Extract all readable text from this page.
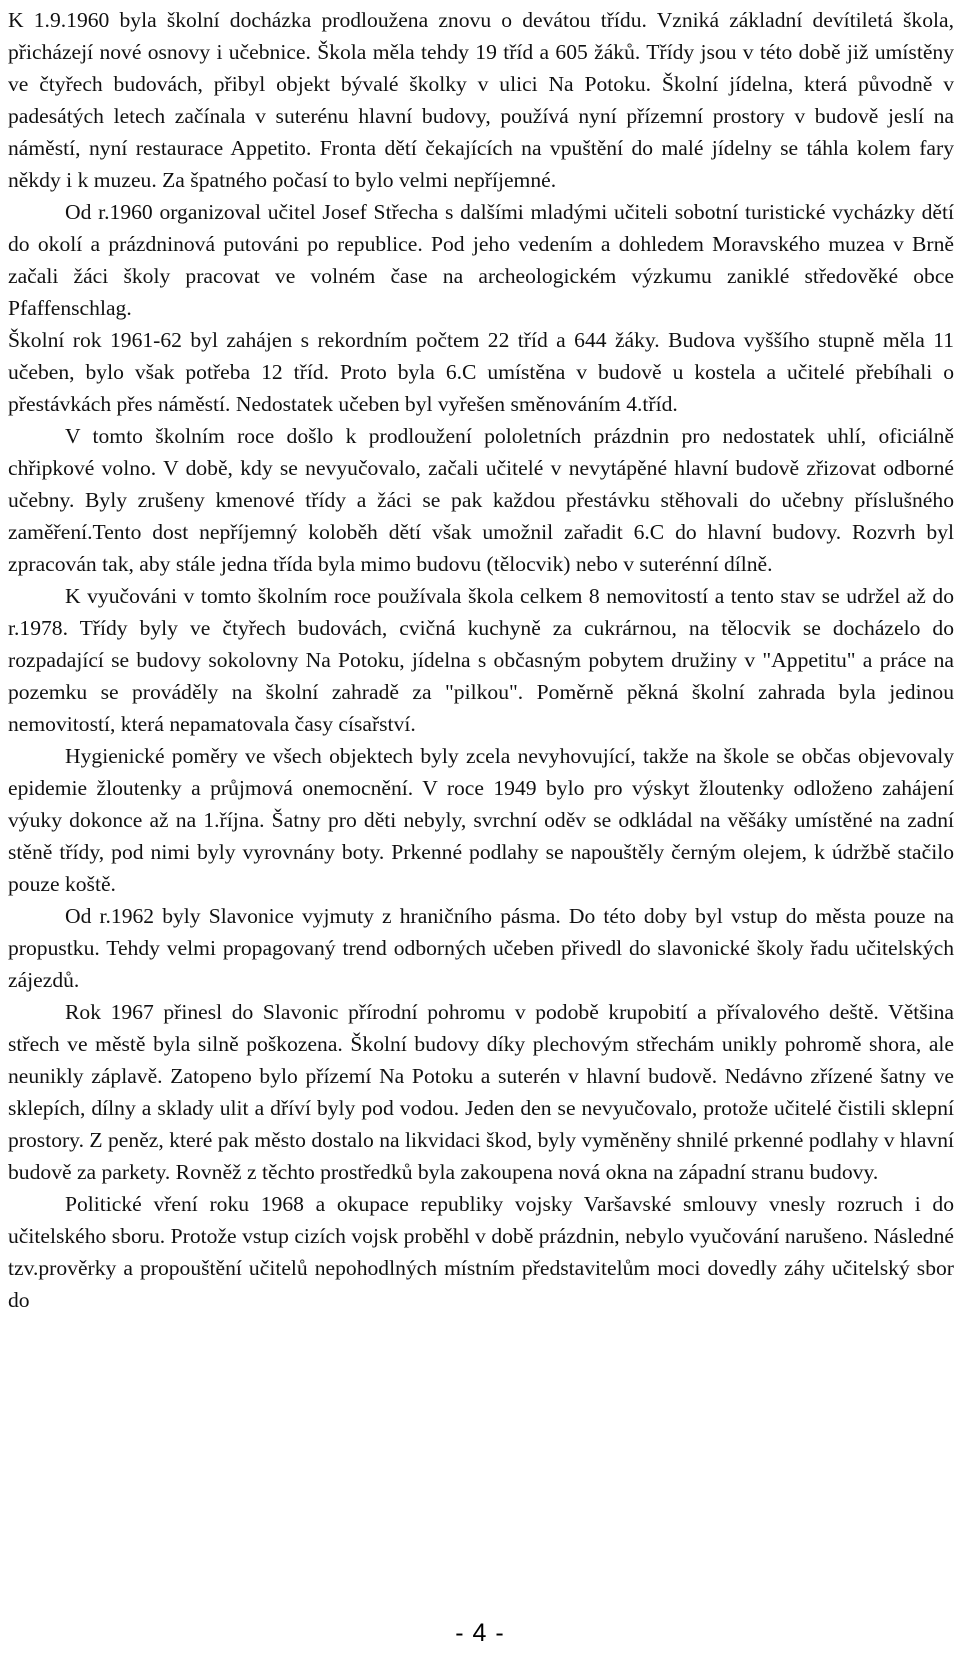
K 1.9.1960 byla školní docházka prodloužena znovu o devátou třídu. Vzniká základní devítiletá škola, přicházejí nové osnovy i učebnice. Škola měla tehdy 19 tříd a 605 žáků. Třídy jsou v této době již umístěny ve čtyřech budovách, přibyl objekt bývalé školky v ulici Na Potoku. Školní jídelna, která původně v padesátých letech začínala v suterénu hlavní budovy, používá nyní přízemní prostory v budově jeslí na náměstí, nyní restaurace Appetito. Fronta dětí čekajících na vpuštění do malé jídelny se táhla kolem fary někdy i k muzeu. Za špatného počasí to bylo velmi nepříjemné.

Od r.1960 organizoval učitel Josef Střecha s dalšími mladými učiteli sobotní turistické vycházky dětí do okolí a prázdninová putováni po republice. Pod jeho vedením a dohledem Moravského muzea v Brně začali žáci školy pracovat ve volném čase na archeologickém výzkumu zaniklé středověké obce Pfaffenschlag.

Školní rok 1961-62 byl zahájen s rekordním počtem 22 tříd a 644 žáky. Budova vyššího stupně měla 11 učeben, bylo však potřeba 12 tříd. Proto byla 6.C umístěna v budově u kostela a učitelé přebíhali o přestávkách přes náměstí. Nedostatek učeben byl vyřešen směnováním 4.tříd.

V tomto školním roce došlo k prodloužení pololetních prázdnin pro nedostatek uhlí, oficiálně chřipkové volno. V době, kdy se nevyučovalo, začali učitelé v nevytápěné hlavní budově zřizovat odborné učebny. Byly zrušeny kmenové třídy a žáci se pak každou přestávku stěhovali do učebny příslušného zaměření.Tento dost nepříjemný koloběh dětí však umožnil zařadit 6.C do hlavní budovy. Rozvrh byl zpracován tak, aby stále jedna třída byla mimo budovu (tělocvik) nebo v suterénní dílně.

K vyučováni v tomto školním roce používala škola celkem 8 nemovitostí a tento stav se udržel až do r.1978. Třídy byly ve čtyřech budovách, cvičná kuchyně za cukrárnou, na tělocvik se docházelo do rozpadající se budovy sokolovny Na Potoku, jídelna s občasným pobytem družiny v "Appetitu" a práce na pozemku se prováděly na školní zahradě za "pilkou". Poměrně pěkná školní zahrada byla jedinou nemovitostí, která nepamatovala časy císařství.

Hygienické poměry ve všech objektech byly zcela nevyhovující, takže na škole se občas objevovaly epidemie žloutenky a průjmová onemocnění. V roce 1949 bylo pro výskyt žloutenky odloženo zahájení výuky dokonce až na 1.října. Šatny pro děti nebyly, svrchní oděv se odkládal na věšáky umístěné na zadní stěně třídy, pod nimi byly vyrovnány boty. Prkenné podlahy se napouštěly černým olejem, k údržbě stačilo pouze koště.

Od r.1962 byly Slavonice vyjmuty z hraničního pásma. Do této doby byl vstup do města pouze na propustku. Tehdy velmi propagovaný trend odborných učeben přivedl do slavonické školy řadu učitelských zájezdů.

Rok 1967 přinesl do Slavonic přírodní pohromu v podobě krupobití a přívalového deště. Většina střech ve městě byla silně poškozena. Školní budovy díky plechovým střechám unikly pohromě shora, ale neunikly záplavě. Zatopeno bylo přízemí Na Potoku a suterén v hlavní budově. Nedávno zřízené šatny ve sklepích, dílny a sklady ulit a dříví byly pod vodou. Jeden den se nevyučovalo, protože učitelé čistili sklepní prostory. Z peněz, které pak město dostalo na likvidaci škod, byly vyměněny shnilé prkenné podlahy v hlavní budově za parkety. Rovněž z těchto prostředků byla zakoupena nová okna na západní stranu budovy.

Politické vření roku 1968 a okupace republiky vojsky Varšavské smlouvy vnesly rozruch i do učitelského sboru. Protože vstup cizích vojsk proběhl v době prázdnin, nebylo vyučování narušeno. Následné tzv.prověrky a propouštění učitelů nepohodlných místním představitelům moci dovedly záhy učitelský sbor do

- 4 -
